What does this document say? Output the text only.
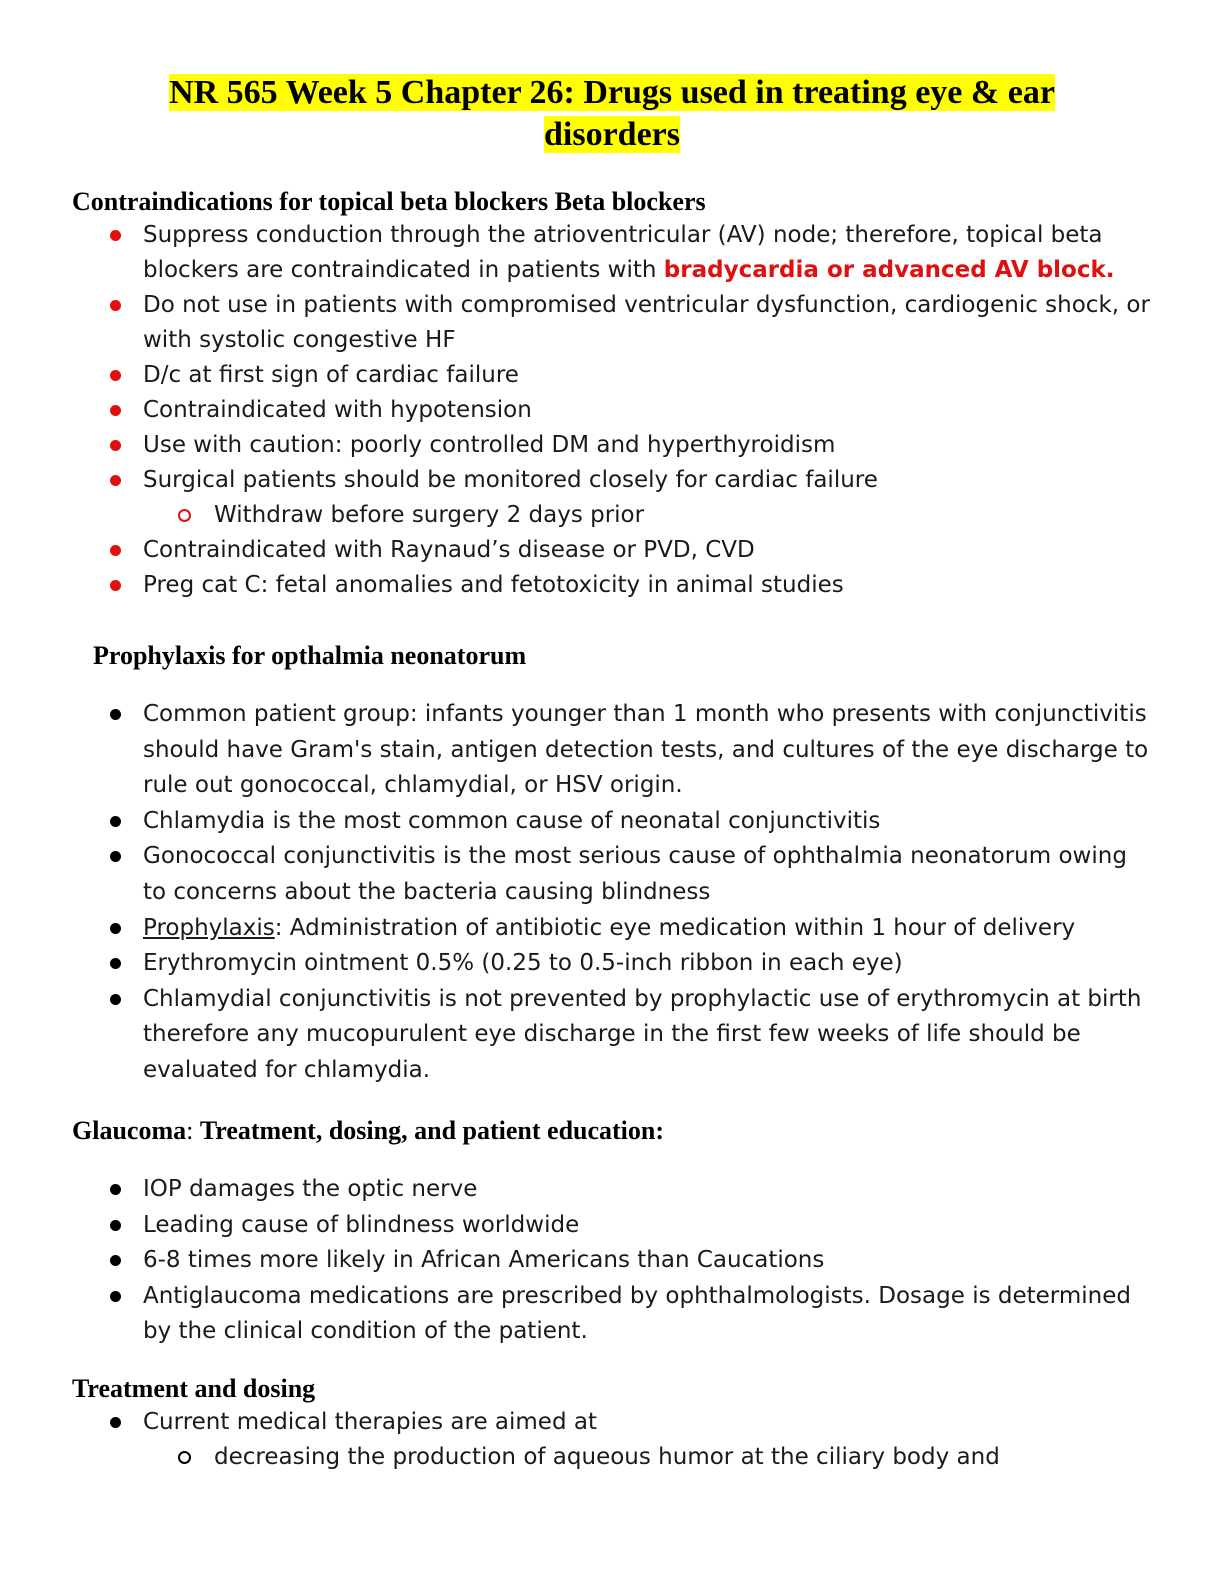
NR 565 Week 5 Chapter 26: Drugs used in treating eye & ear
disorders
Contraindications for topical beta blockers Beta blockers
Suppress conduction through the atrioventricular (AV) node; therefore, topical beta blockers are contraindicated in patients with bradycardia or advanced AV block.
Do not use in patients with compromised ventricular dysfunction, cardiogenic shock, or with systolic congestive HF
D/c at first sign of cardiac failure
Contraindicated with hypotension
Use with caution: poorly controlled DM and hyperthyroidism
Surgical patients should be monitored closely for cardiac failure
Withdraw before surgery 2 days prior
Contraindicated with Raynaud’s disease or PVD, CVD
Preg cat C: fetal anomalies and fetotoxicity in animal studies
Prophylaxis for opthalmia neonatorum
Common patient group: infants younger than 1 month who presents with conjunctivitis should have Gram's stain, antigen detection tests, and cultures of the eye discharge to rule out gonococcal, chlamydial, or HSV origin.
Chlamydia is the most common cause of neonatal conjunctivitis
Gonococcal conjunctivitis is the most serious cause of ophthalmia neonatorum owing to concerns about the bacteria causing blindness
Prophylaxis: Administration of antibiotic eye medication within 1 hour of delivery
Erythromycin ointment 0.5% (0.25 to 0.5-inch ribbon in each eye)
Chlamydial conjunctivitis is not prevented by prophylactic use of erythromycin at birth therefore any mucopurulent eye discharge in the first few weeks of life should be evaluated for chlamydia.
Glaucoma: Treatment, dosing, and patient education:
IOP damages the optic nerve
Leading cause of blindness worldwide
6-8 times more likely in African Americans than Caucations
Antiglaucoma medications are prescribed by ophthalmologists. Dosage is determined by the clinical condition of the patient.
Treatment and dosing
Current medical therapies are aimed at
decreasing the production of aqueous humor at the ciliary body and
